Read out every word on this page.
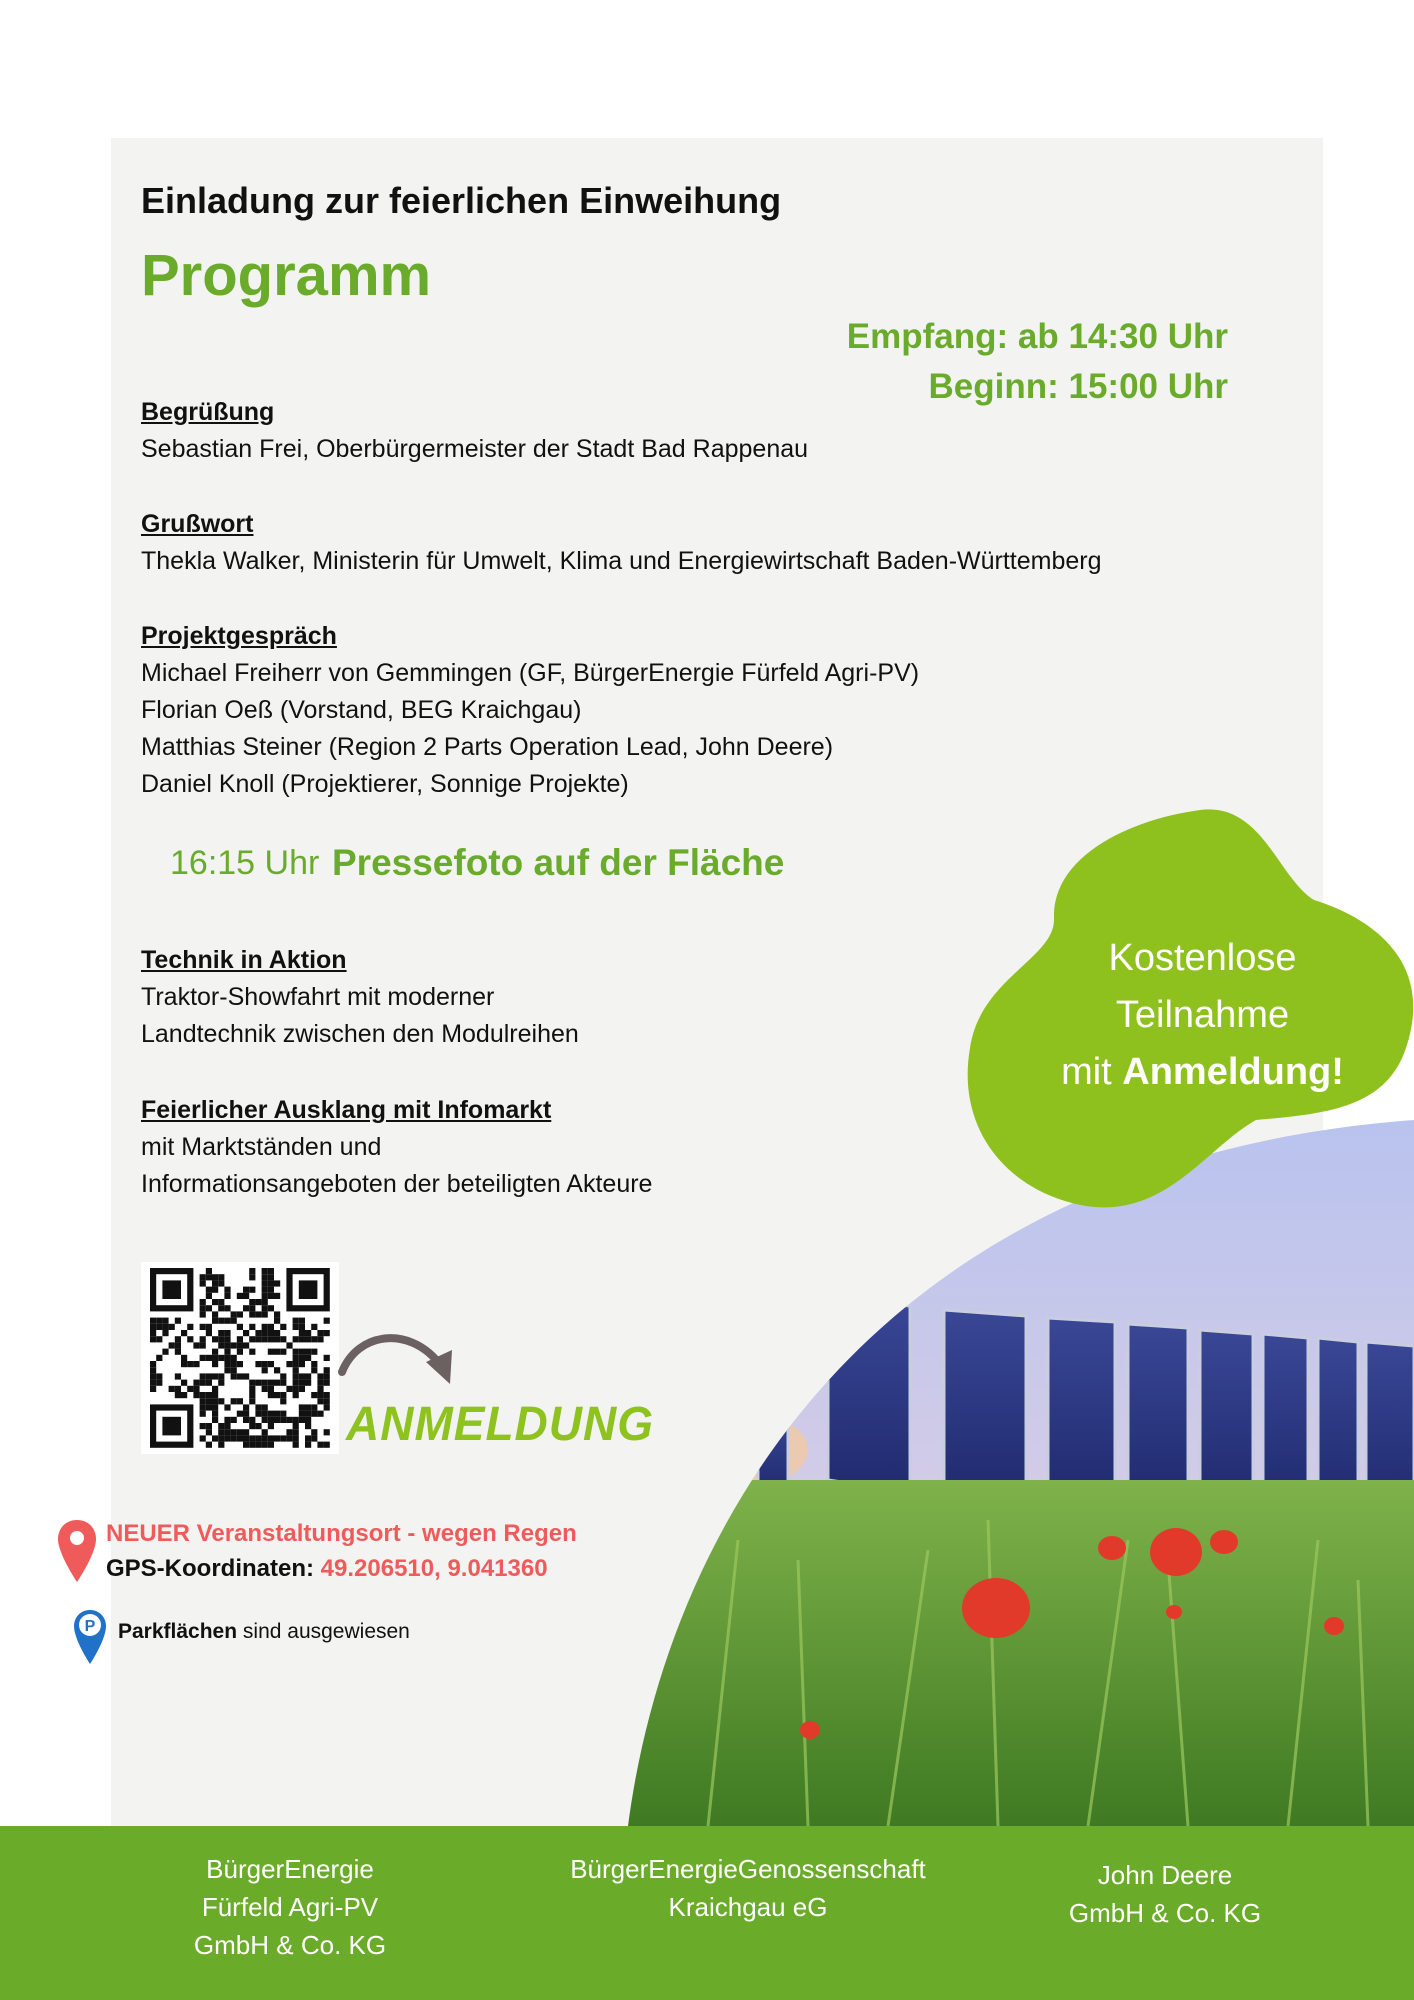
Einladung zur feierlichen Einweihung
Programm
Empfang: ab 14:30 Uhr
Beginn: 15:00 Uhr
Begrüßung
Sebastian Frei, Oberbürgermeister der Stadt Bad Rappenau
Grußwort
Thekla Walker, Ministerin für Umwelt, Klima und Energiewirtschaft Baden-Württemberg
Projektgespräch
Michael Freiherr von Gemmingen (GF, BürgerEnergie Fürfeld Agri-PV)
Florian Oeß (Vorstand, BEG Kraichgau)
Matthias Steiner (Region 2 Parts Operation Lead, John Deere)
Daniel Knoll (Projektierer, Sonnige Projekte)
16:15 Uhr Pressefoto auf der Fläche
Technik in Aktion
Traktor-Showfahrt mit moderner
Landtechnik zwischen den Modulreihen
Feierlicher Ausklang mit Infomarkt
mit Marktständen und
Informationsangeboten der beteiligten Akteure
Kostenlose
Teilnahme
mit Anmeldung!
ANMELDUNG
NEUER Veranstaltungsort - wegen Regen
GPS-Koordinaten: 49.206510, 9.041360
P Parkflächen sind ausgewiesen
BürgerEnergie
Fürfeld Agri-PV
GmbH & Co. KG
BürgerEnergieGenossenschaft
Kraichgau eG
John Deere
GmbH & Co. KG
